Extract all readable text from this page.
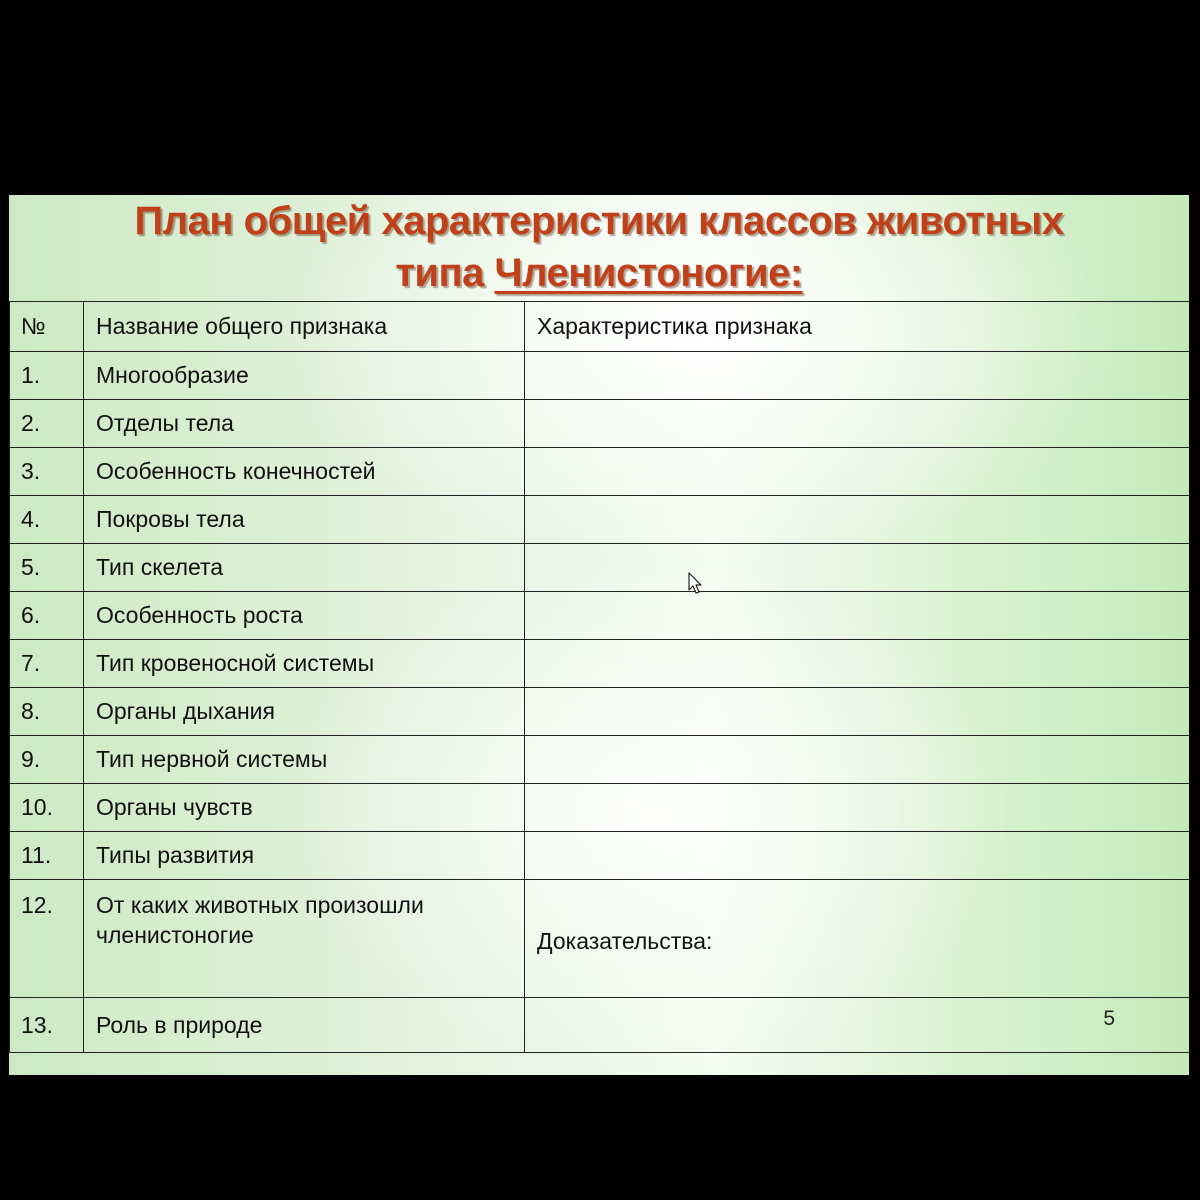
План общей характеристики классов животных
типа Членистоногие:
№	Название общего признака	Характеристика признака
1.	Многообразие	
2.	Отделы тела	
3.	Особенность конечностей	
4.	Покровы тела	
5.	Тип скелета	
6.	Особенность роста	
7.	Тип кровеносной системы	
8.	Органы дыхания	
9.	Тип нервной системы	
10.	Органы чувств	
11.	Типы развития	
12.	От каких животных произошли членистоногие	Доказательства:
13.	Роль в природе		5
